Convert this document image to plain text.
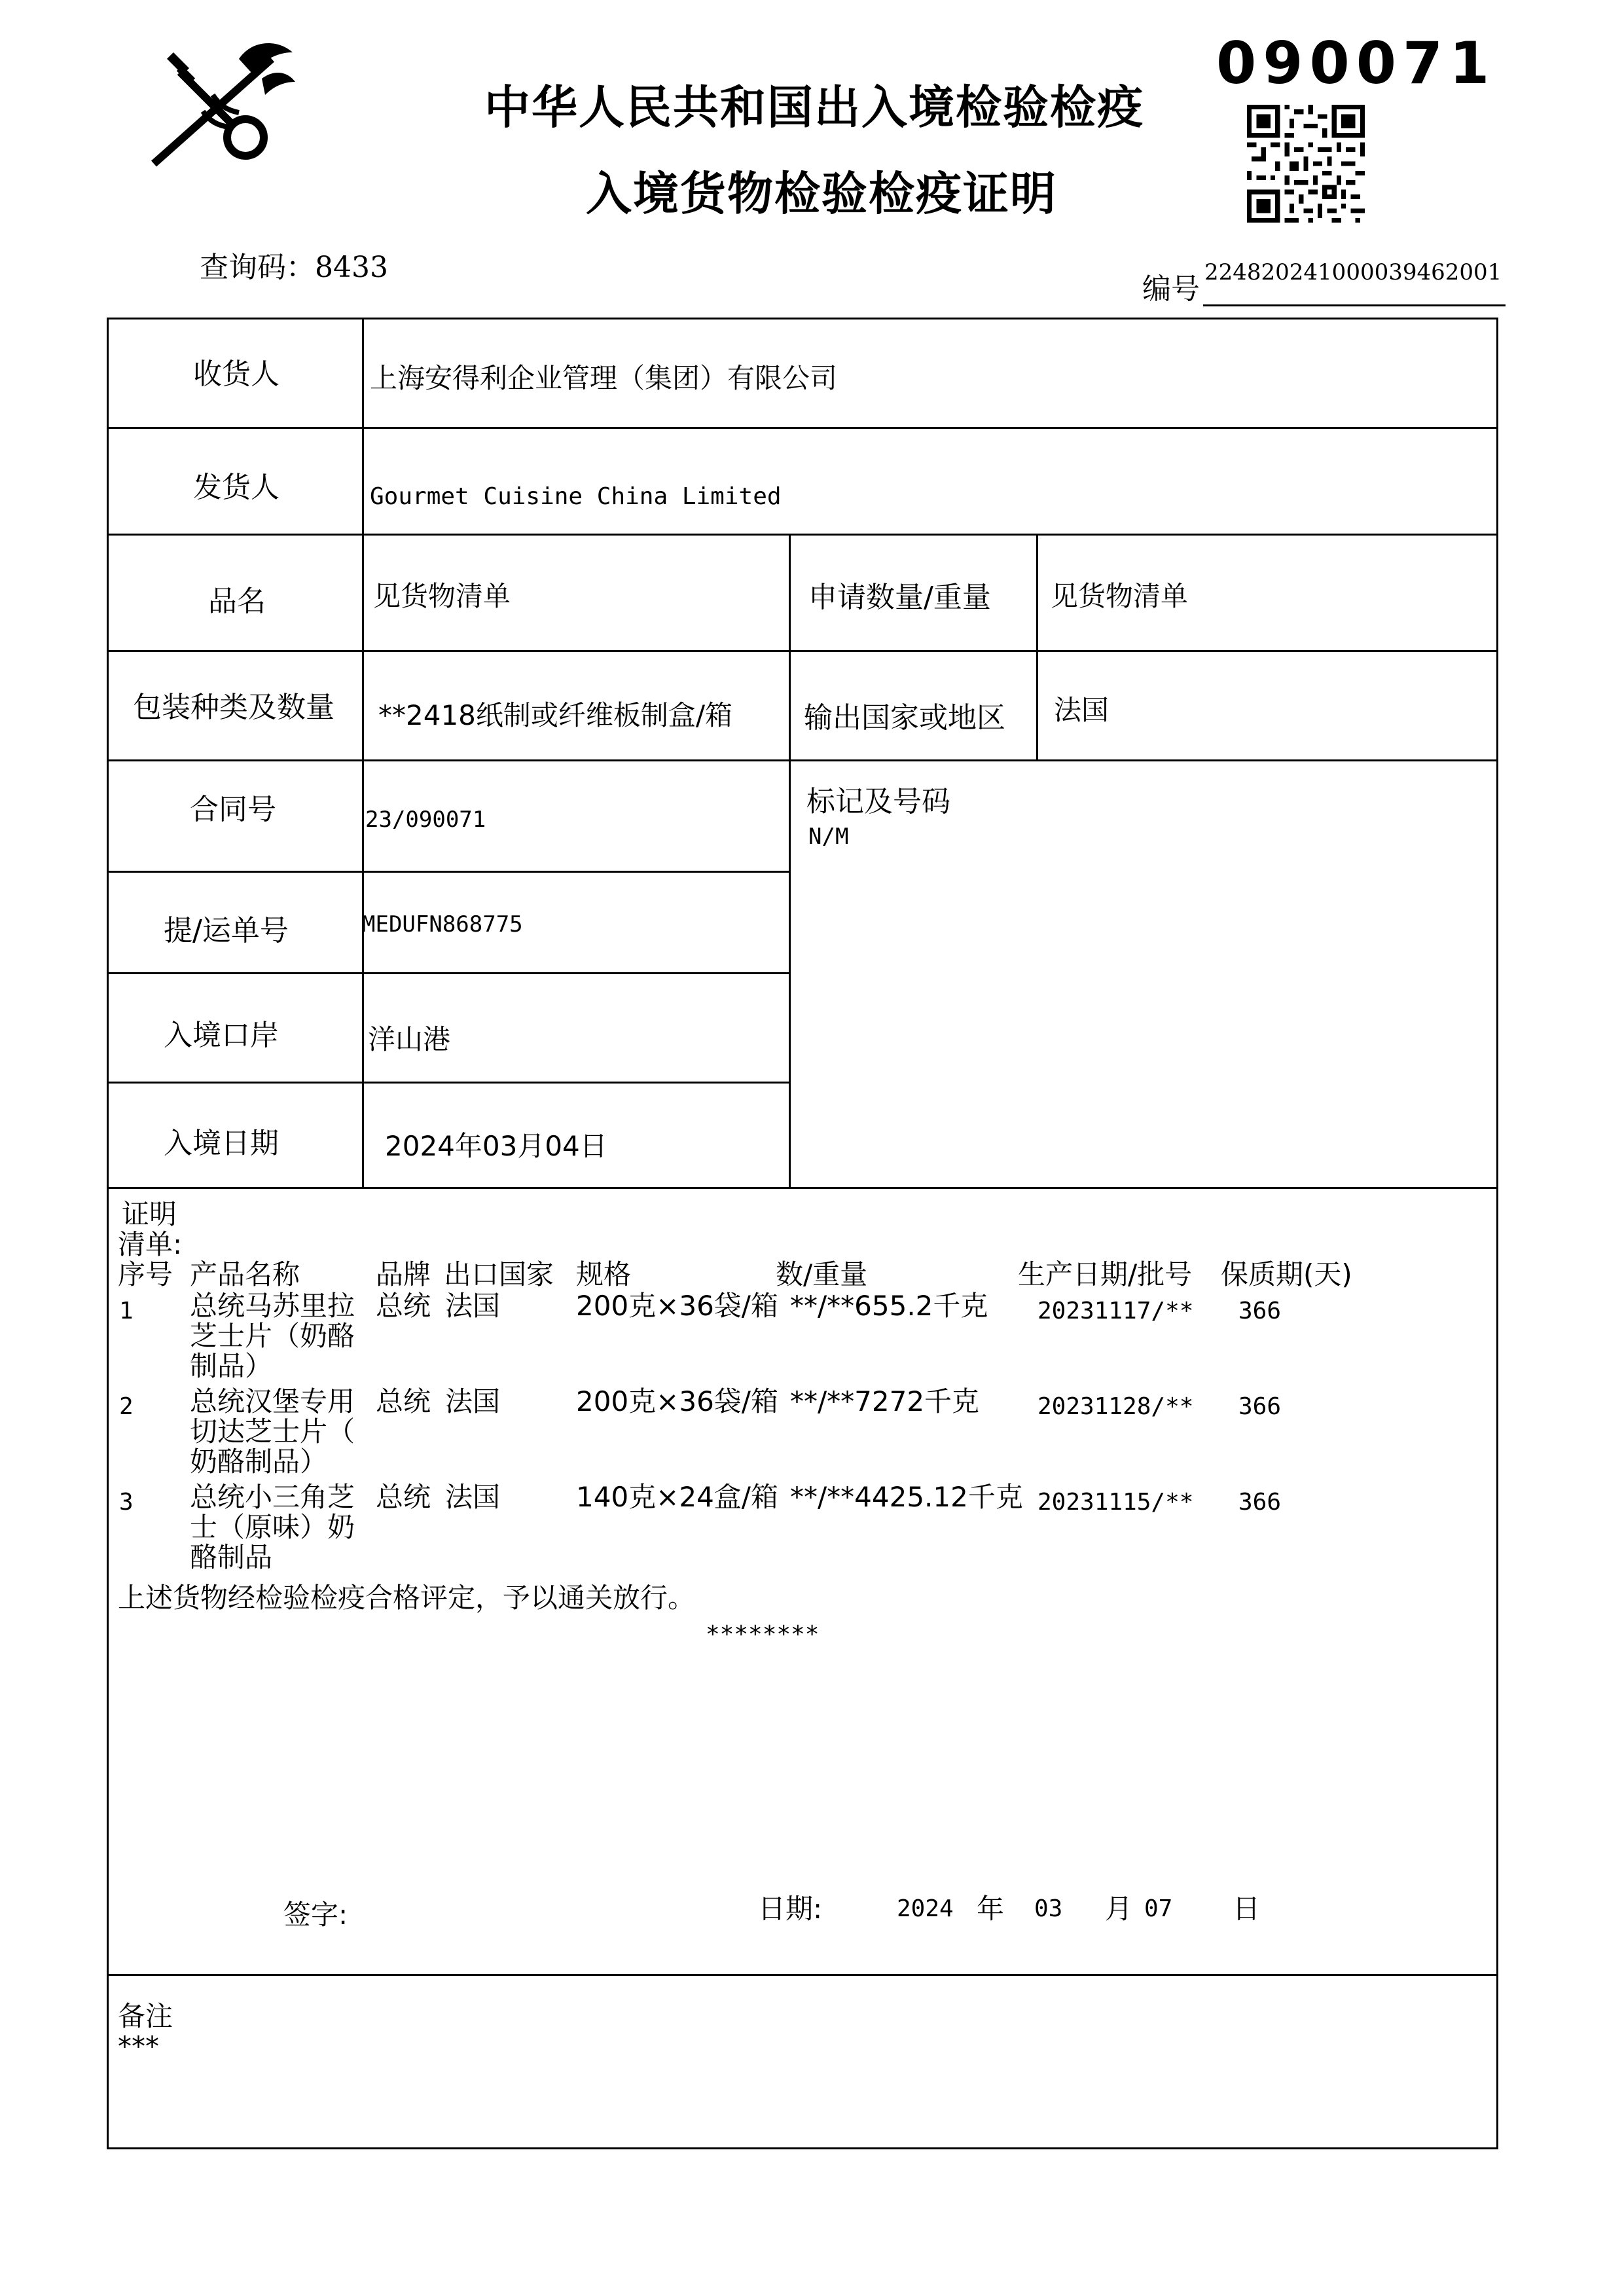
中华人民共和国出入境检验检疫
入境货物检验检疫证明
090071
查询码：8433
编号 224820241000039462001
收货人	上海安得利企业管理（集团）有限公司
发货人	Gourmet Cuisine China Limited
品名	见货物清单	申请数量/重量 见货物清单
包装种类及数量 **2418纸制或纤维板制盒/箱 输出国家或地区 法国
合同号	23/090071
标记及号码
N/M
提/运单号	MEDUFN868775
入境口岸	洋山港
入境日期	2024年03月04日
证明
清单:
序号 产品名称	品牌 出口国家 规格	数/重量	生产日期/批号 保质期(天)
1 总统马苏里拉
芝士片（奶酪
制品）
总统 法国	200克×36袋/箱 **/**655.2千克 20231117/** 366
2 总统汉堡专用
切达芝士片（
奶酪制品）
总统 法国	200克×36袋/箱 **/**7272千克 20231128/** 366
3 总统小三角芝
士（原味）奶
酪制品
总统 法国	140克×24盒/箱 **/**4425.12千克 20231115/** 366
上述货物经检验检疫合格评定，予以通关放行。
********
签字:	日期:	2024 年 03 月 07 日
备注
***
